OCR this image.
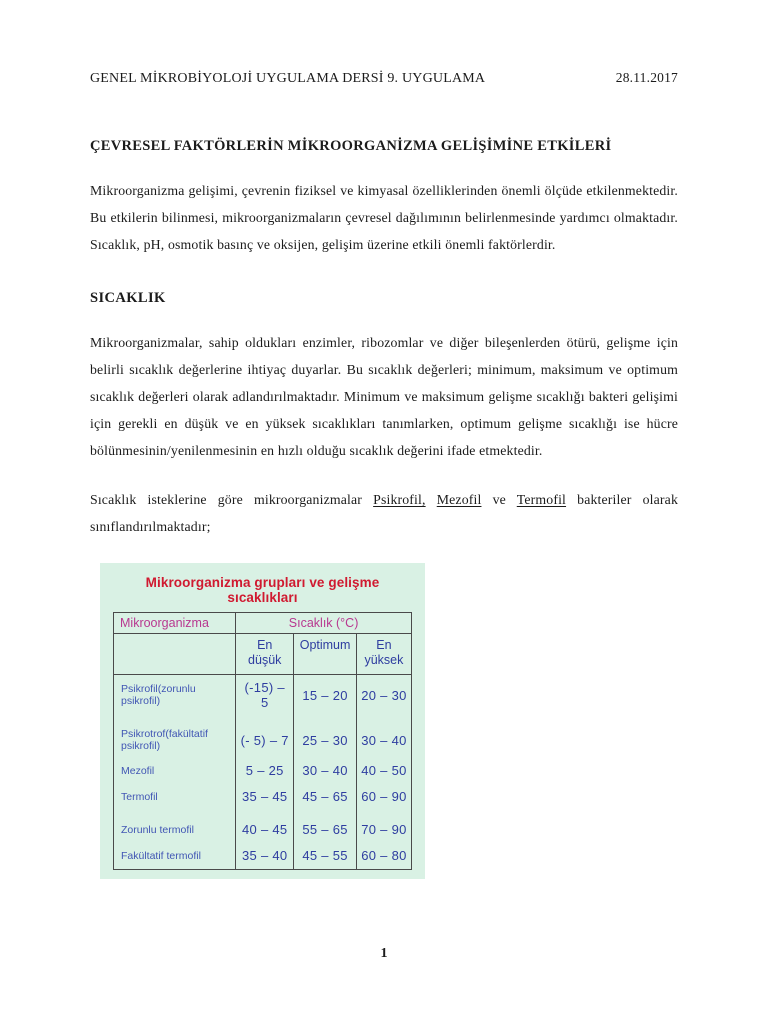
GENEL MİKROBİYOLOJİ UYGULAMA DERSİ 9. UYGULAMA	28.11.2017
ÇEVRESEL FAKTÖRLERİN MİKROORGANİZMA GELİŞİMİNE ETKİLERİ

Mikroorganizma gelişimi, çevrenin fiziksel ve kimyasal özelliklerinden önemli ölçüde etkilenmektedir. Bu etkilerin bilinmesi, mikroorganizmaların çevresel dağılımının belirlenmesinde yardımcı olmaktadır. Sıcaklık, pH, osmotik basınç ve oksijen, gelişim üzerine etkili önemli faktörlerdir.

SICAKLIK

Mikroorganizmalar, sahip oldukları enzimler, ribozomlar ve diğer bileşenlerden ötürü, gelişme için belirli sıcaklık değerlerine ihtiyaç duyarlar. Bu sıcaklık değerleri; minimum, maksimum ve optimum sıcaklık değerleri olarak adlandırılmaktadır. Minimum ve maksimum gelişme sıcaklığı bakteri gelişimi için gerekli en düşük ve en yüksek sıcaklıkları tanımlarken, optimum gelişme sıcaklığı ise hücre bölünmesinin/yenilenmesinin en hızlı olduğu sıcaklık değerini ifade etmektedir.

Sıcaklık isteklerine göre mikroorganizmalar Psikrofil, Mezofil ve Termofil bakteriler olarak sınıflandırılmaktadır;

Mikroorganizma grupları ve gelişme sıcaklıkları
Mikroorganizma	Sıcaklık (°C)		
	En düşük	Optimum	En yüksek
Psikrofil(zorunlu psikrofil)	(-15) – 5	15 – 20	20 – 30
Psikrotrof(fakültatif psikrofil)	(- 5) – 7	25 – 30	30 – 40
Mezofil	5 – 25	30 – 40	40 – 50
Termofil	35 – 45	45 – 65	60 – 90
Zorunlu termofil	40 – 45	55 – 65	70 – 90
Fakültatif termofil	35 – 40	45 – 55	60 – 80
1
